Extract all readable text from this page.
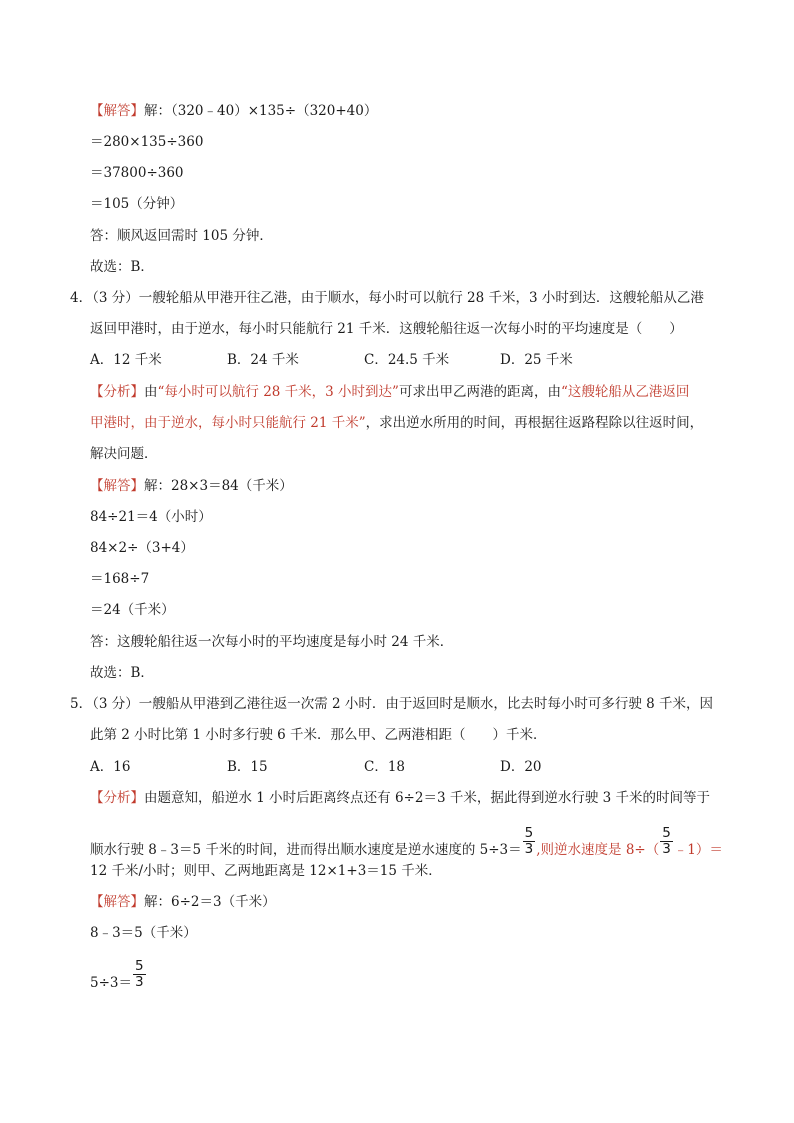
【解答】解：（320﹣40）×135÷（320+40）
＝280×135÷360
＝37800÷360
＝105（分钟）
答：顺风返回需时 105 分钟．
故选：B．
4．（3 分）一艘轮船从甲港开往乙港，由于顺水，每小时可以航行 28 千米，3 小时到达．这艘轮船从乙港
返回甲港时，由于逆水，每小时只能航行 21 千米．这艘轮船往返一次每小时的平均速度是（　　）
A．12 千米	B．24 千米	C．24.5 千米	D．25 千米
【分析】由“每小时可以航行 28 千米，3 小时到达”可求出甲乙两港的距离，由“这艘轮船从乙港返回
甲港时，由于逆水，每小时只能航行 21 千米”，求出逆水所用的时间，再根据往返路程除以往返时间，
解决问题．
【解答】解：28×3＝84（千米）
84÷21＝4（小时）
84×2÷（3+4）
＝168÷7
＝24（千米）
答：这艘轮船往返一次每小时的平均速度是每小时 24 千米．
故选：B．
5．（3 分）一艘船从甲港到乙港往返一次需 2 小时．由于返回时是顺水，比去时每小时可多行驶 8 千米，因
此第 2 小时比第 1 小时多行驶 6 千米．那么甲、乙两港相距（　　）千米．
A．16	B．15	C．18	D．20
【分析】由题意知，船逆水 1 小时后距离终点还有 6÷2＝3 千米，据此得到逆水行驶 3 千米的时间等于
顺水行驶 8﹣3＝5 千米的时间，进而得出顺水速度是逆水速度的 $5\div 3= \frac{5}{3}$ ,则逆水速度是 $8\div( \frac{5}{3}$ ﹣1）＝
12 千米/小时；则甲、乙两地距离是 12×1+3＝15 千米．
【解答】解：6÷2＝3（千米）
8﹣3＝5（千米）
$5\div 3= \frac{5}{3}$
